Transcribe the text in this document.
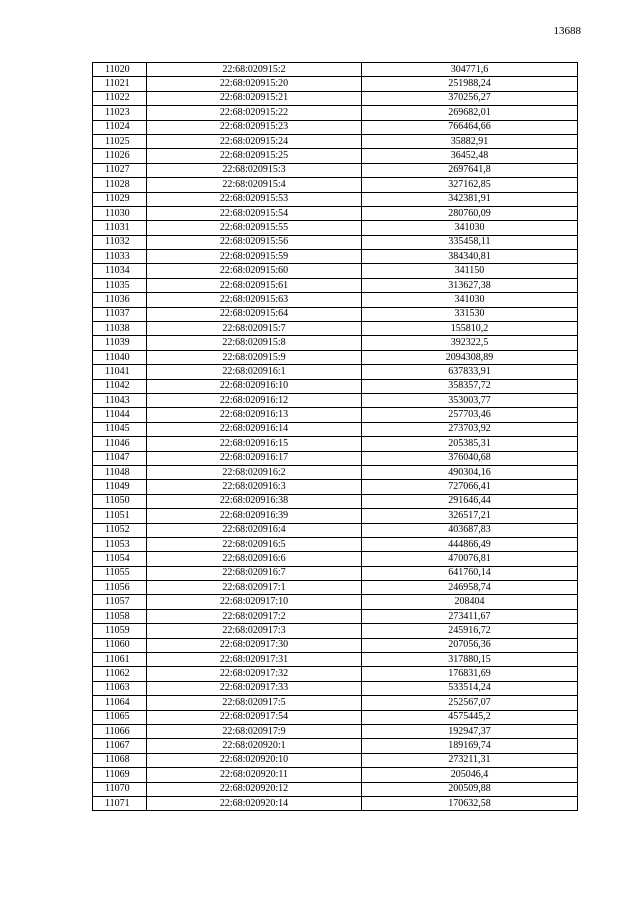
13688
11020	22:68:020915:2	304771,6
11021	22:68:020915:20	251988,24
11022	22:68:020915:21	370256,27
11023	22:68:020915:22	269682,01
11024	22:68:020915:23	766464,66
11025	22:68:020915:24	35882,91
11026	22:68:020915:25	36452,48
11027	22:68:020915:3	2697641,8
11028	22:68:020915:4	327162,85
11029	22:68:020915:53	342381,91
11030	22:68:020915:54	280760,09
11031	22:68:020915:55	341030
11032	22:68:020915:56	335458,11
11033	22:68:020915:59	384340,81
11034	22:68:020915:60	341150
11035	22:68:020915:61	313627,38
11036	22:68:020915:63	341030
11037	22:68:020915:64	331530
11038	22:68:020915:7	155810,2
11039	22:68:020915:8	392322,5
11040	22:68:020915:9	2094308,89
11041	22:68:020916:1	637833,91
11042	22:68:020916:10	358357,72
11043	22:68:020916:12	353003,77
11044	22:68:020916:13	257703,46
11045	22:68:020916:14	273703,92
11046	22:68:020916:15	205385,31
11047	22:68:020916:17	376040,68
11048	22:68:020916:2	490304,16
11049	22:68:020916:3	727066,41
11050	22:68:020916:38	291646,44
11051	22:68:020916:39	326517,21
11052	22:68:020916:4	403687,83
11053	22:68:020916:5	444866,49
11054	22:68:020916:6	470076,81
11055	22:68:020916:7	641760,14
11056	22:68:020917:1	246958,74
11057	22:68:020917:10	208404
11058	22:68:020917:2	273411,67
11059	22:68:020917:3	245916,72
11060	22:68:020917:30	207056,36
11061	22:68:020917:31	317880,15
11062	22:68:020917:32	176831,69
11063	22:68:020917:33	533514,24
11064	22:68:020917:5	252567,07
11065	22:68:020917:54	4575445,2
11066	22:68:020917:9	192947,37
11067	22:68:020920:1	189169,74
11068	22:68:020920:10	273211,31
11069	22:68:020920:11	205046,4
11070	22:68:020920:12	200509,88
11071	22:68:020920:14	170632,58
